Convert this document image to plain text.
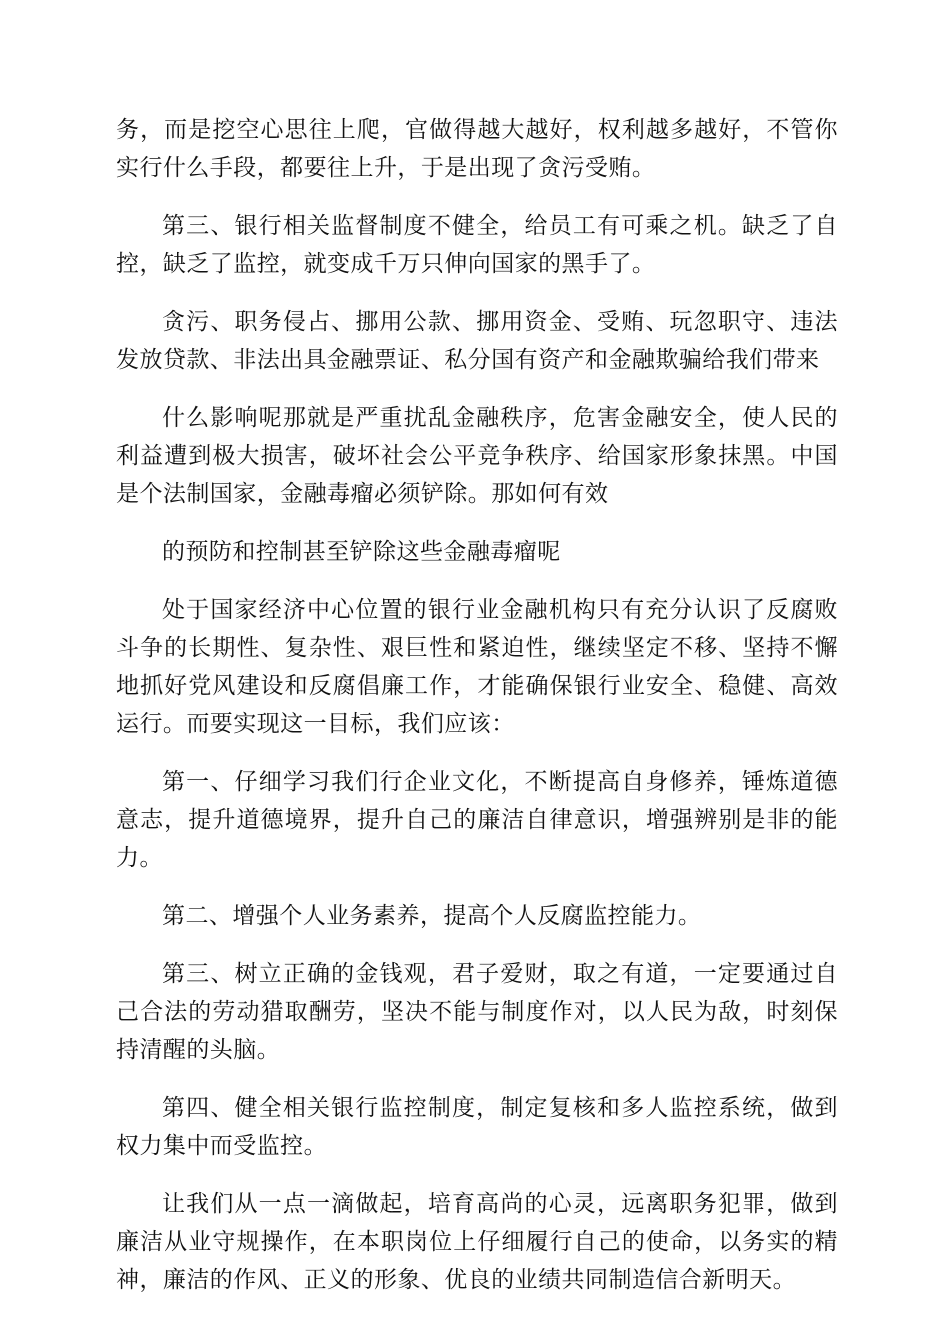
务，而是挖空心思往上爬，官做得越大越好，权利越多越好，不管你实行什么手段，都要往上升，于是出现了贪污受贿。

第三、银行相关监督制度不健全，给员工有可乘之机。缺乏了自控，缺乏了监控，就变成千万只伸向国家的黑手了。

贪污、职务侵占、挪用公款、挪用资金、受贿、玩忽职守、违法发放贷款、非法出具金融票证、私分国有资产和金融欺骗给我们带来

什么影响呢那就是严重扰乱金融秩序，危害金融安全，使人民的利益遭到极大损害，破坏社会公平竞争秩序、给国家形象抹黑。中国是个法制国家，金融毒瘤必须铲除。那如何有效

的预防和控制甚至铲除这些金融毒瘤呢

处于国家经济中心位置的银行业金融机构只有充分认识了反腐败斗争的长期性、复杂性、艰巨性和紧迫性，继续坚定不移、坚持不懈地抓好党风建设和反腐倡廉工作，才能确保银行业安全、稳健、高效运行。而要实现这一目标，我们应该：

第一、仔细学习我们行企业文化，不断提高自身修养，锤炼道德意志，提升道德境界，提升自己的廉洁自律意识，增强辨别是非的能力。

第二、增强个人业务素养，提高个人反腐监控能力。

第三、树立正确的金钱观，君子爱财，取之有道，一定要通过自己合法的劳动猎取酬劳，坚决不能与制度作对，以人民为敌，时刻保持清醒的头脑。

第四、健全相关银行监控制度，制定复核和多人监控系统，做到权力集中而受监控。

让我们从一点一滴做起，培育高尚的心灵，远离职务犯罪，做到廉洁从业守规操作，在本职岗位上仔细履行自己的使命，以务实的精神，廉洁的作风、正义的形象、优良的业绩共同制造信合新明天。
